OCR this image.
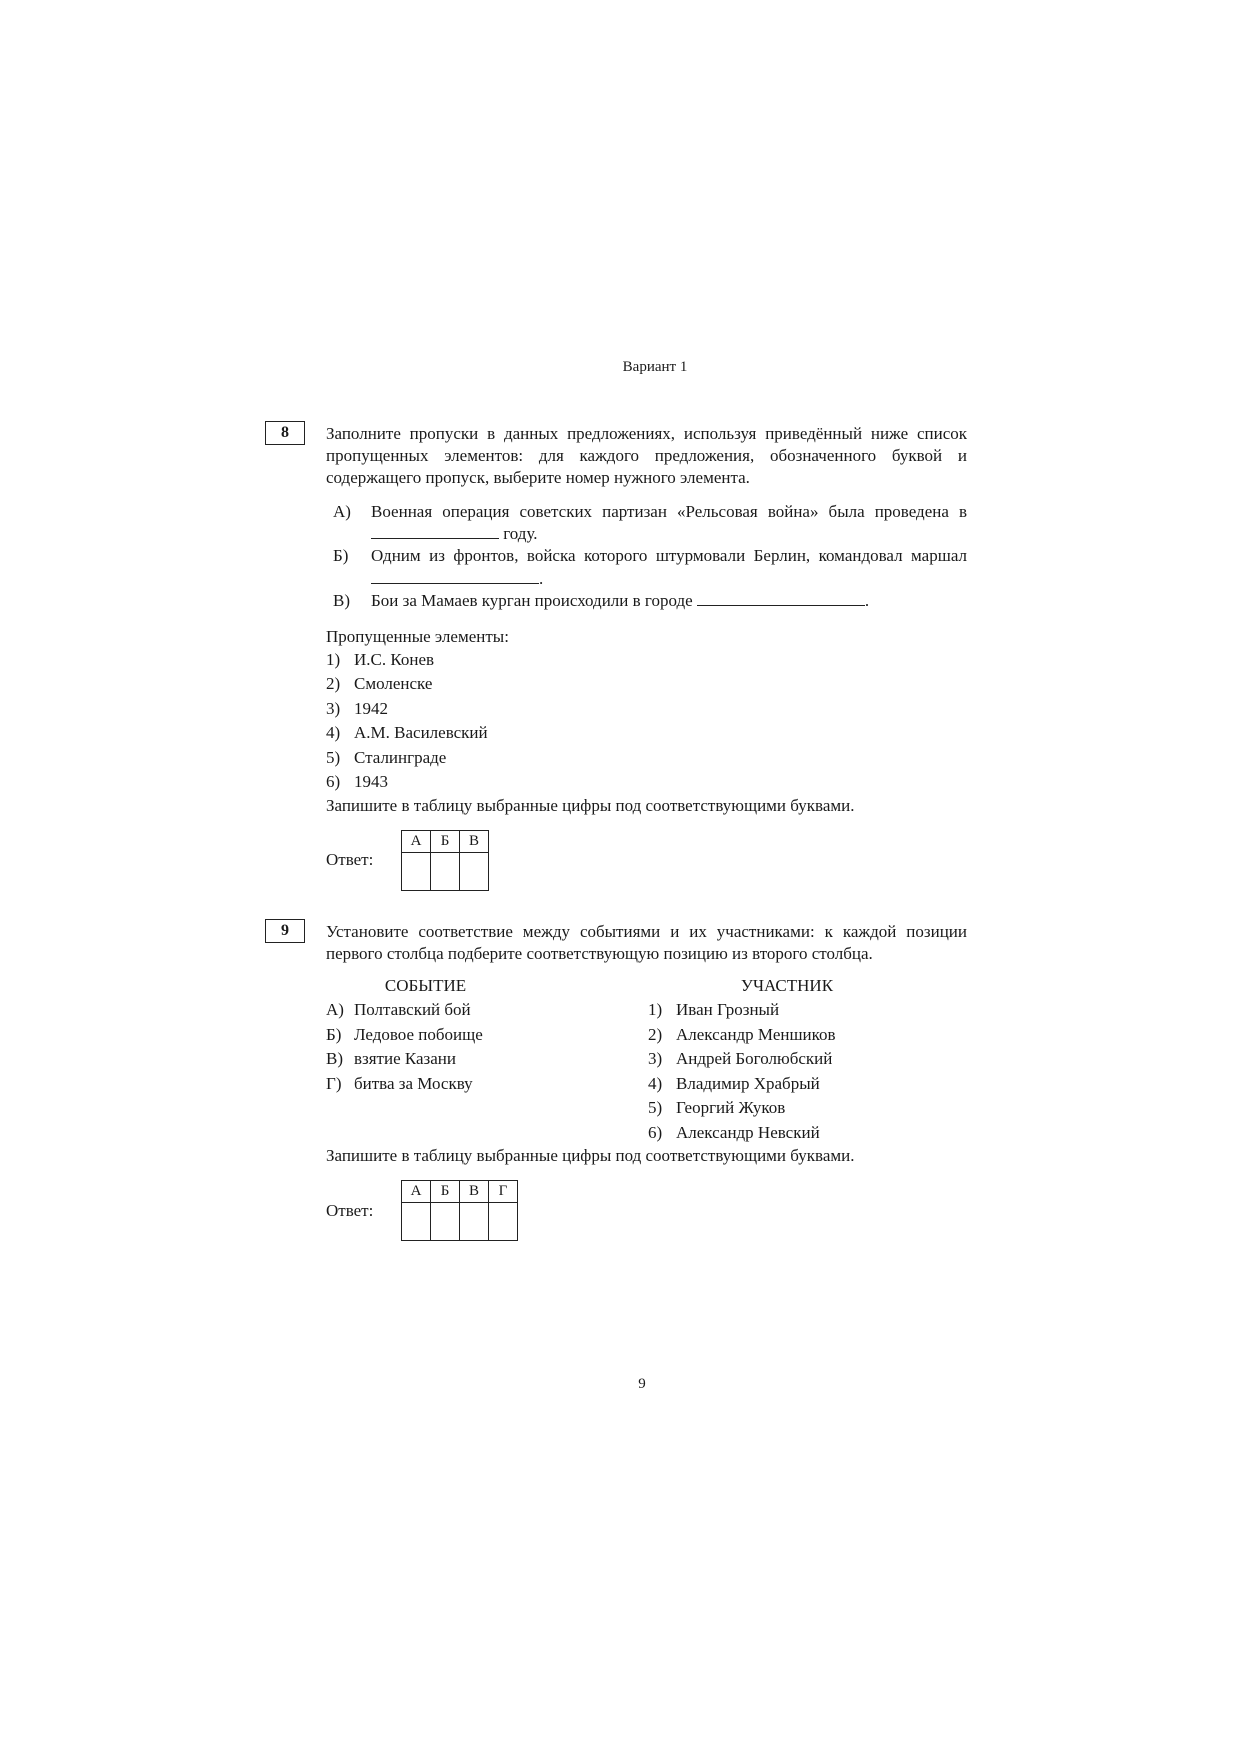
Вариант 1
8	Заполните пропуски в данных предложениях, используя приведённый ниже список пропущенных элементов: для каждого предложения, обозначенного буквой и содержащего пропуск, выберите номер нужного элемента.
А)	Военная операция советских партизан «Рельсовая война» была проведена в  году.
Б)	Одним из фронтов, войска которого штурмовали Берлин, командовал маршал .
В)	Бои за Мамаев курган происходили в городе	.
Пропущенные элементы:
1) И.С. Конев
2) Смоленске
3) 1942
4) А.М. Василевский
5) Сталинграде
6) 1943
Запишите в таблицу выбранные цифры под соответствующими буквами.
Ответ:
А	Б	В

9	Установите соответствие между событиями и их участниками: к каждой позиции первого столбца подберите соответствующую позицию из второго столбца.
СОБЫТИЕ
А) Полтавский бой
Б) Ледовое побоище
В) взятие Казани
Г) битва за Москву
УЧАСТНИК
1) Иван Грозный
2) Александр Меншиков
3) Андрей Боголюбский
4) Владимир Храбрый
5) Георгий Жуков
6) Александр Невский
Запишите в таблицу выбранные цифры под соответствующими буквами.
Ответ:
А	Б	В	Г

9
